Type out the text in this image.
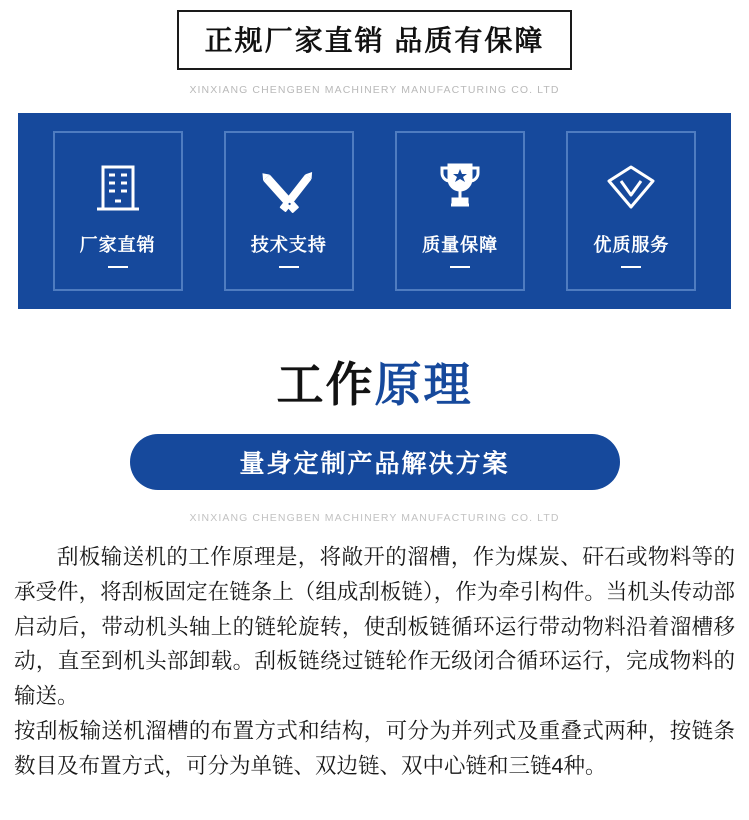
正规厂家直销 品质有保障
XINXIANG CHENGBEN MACHINERY MANUFACTURING CO. LTD
厂家直销	技术支持	质量保障	优质服务
工作原理
量身定制产品解决方案
XINXIANG CHENGBEN MACHINERY MANUFACTURING CO. LTD

刮板输送机的工作原理是，将敞开的溜槽，作为煤炭、矸石或物料等的承受件，将刮板固定在链条上（组成刮板链），作为牵引构件。当机头传动部启动后，带动机头轴上的链轮旋转，使刮板链循环运行带动物料沿着溜槽移动，直至到机头部卸载。刮板链绕过链轮作无级闭合循环运行，完成物料的输送。

按刮板输送机溜槽的布置方式和结构，可分为并列式及重叠式两种，按链条数目及布置方式，可分为单链、双边链、双中心链和三链4种。
